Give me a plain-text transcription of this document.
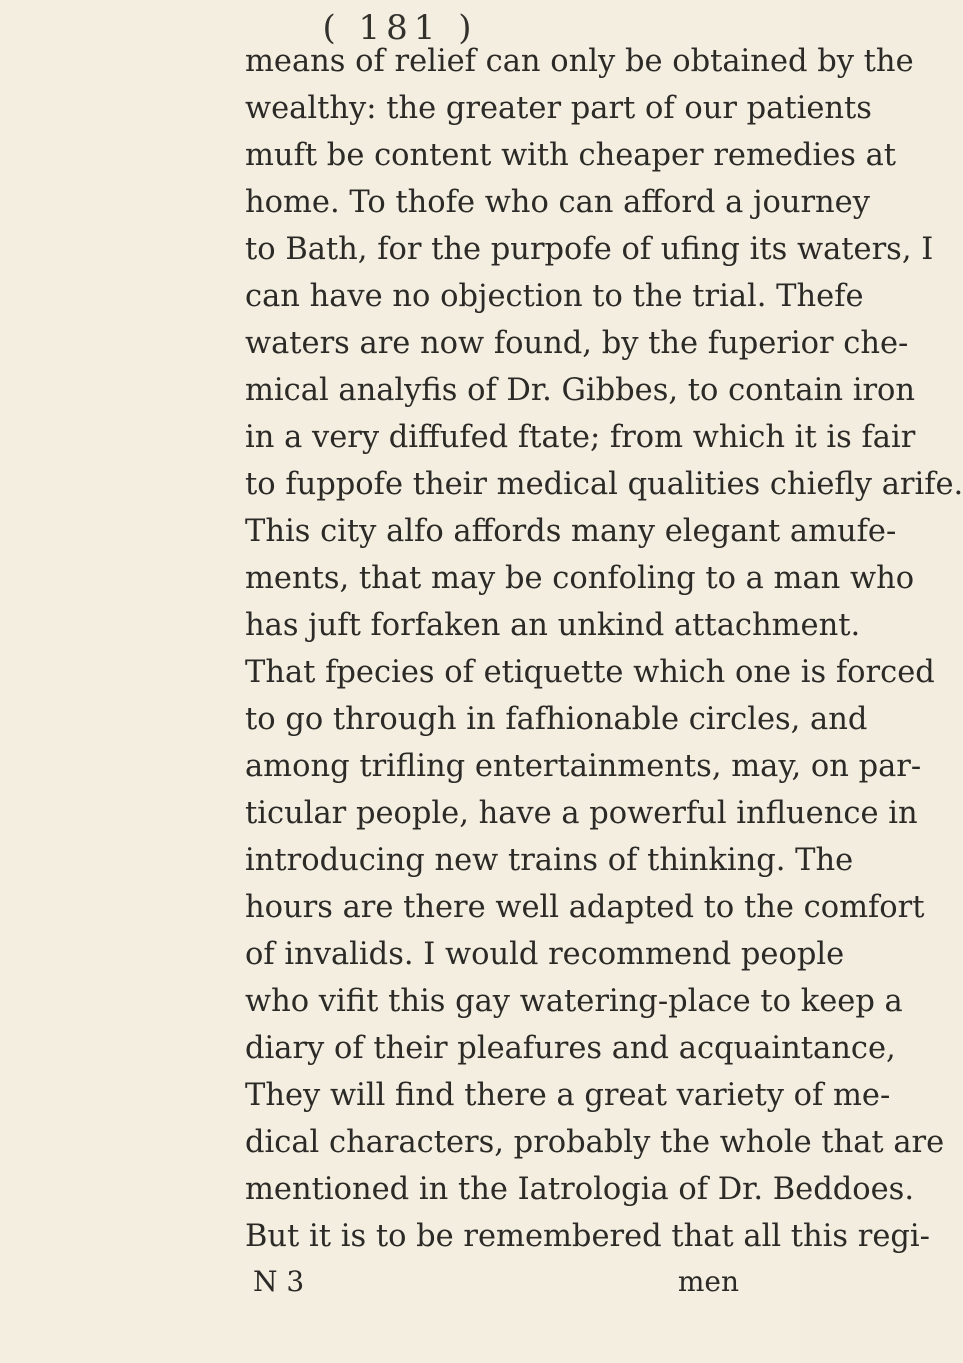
( 181 )
means of relief can only be obtained by the
wealthy: the greater part of our patients
muft be content with cheaper remedies at
home. To thofe who can afford a journey
to Bath, for the purpofe of ufing its waters, I
can have no objection to the trial. Thefe
waters are now found, by the fuperior che-
mical analyfis of Dr. Gibbes, to contain iron
in a very diffufed ftate; from which it is fair
to fuppofe their medical qualities chiefly arife.
This city alfo affords many elegant amufe-
ments, that may be confoling to a man who
has juft forfaken an unkind attachment.
That fpecies of etiquette which one is forced
to go through in fafhionable circles, and
among trifling entertainments, may, on par-
ticular people, have a powerful influence in
introducing new trains of thinking. The
hours are there well adapted to the comfort
of invalids. I would recommend people
who vifit this gay watering-place to keep a
diary of their pleafures and acquaintance,
They will find there a great variety of me-
dical characters, probably the whole that are
mentioned in the Iatrologia of Dr. Beddoes.
But it is to be remembered that all this regi-
N 3	men
